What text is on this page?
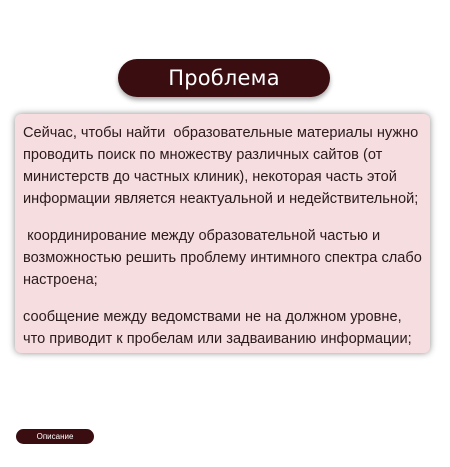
Проблема

Сейчас, чтобы найти  образовательные материалы нужно проводить поиск по множеству различных сайтов (от министерств до частных клиник), некоторая часть этой информации является неактуальной и недействительной;

координирование между образовательной частью и возможностью решить проблему интимного спектра слабо настроена;

сообщение между ведомствами не на должном уровне, что приводит к пробелам или задваиванию информации;

Описание
